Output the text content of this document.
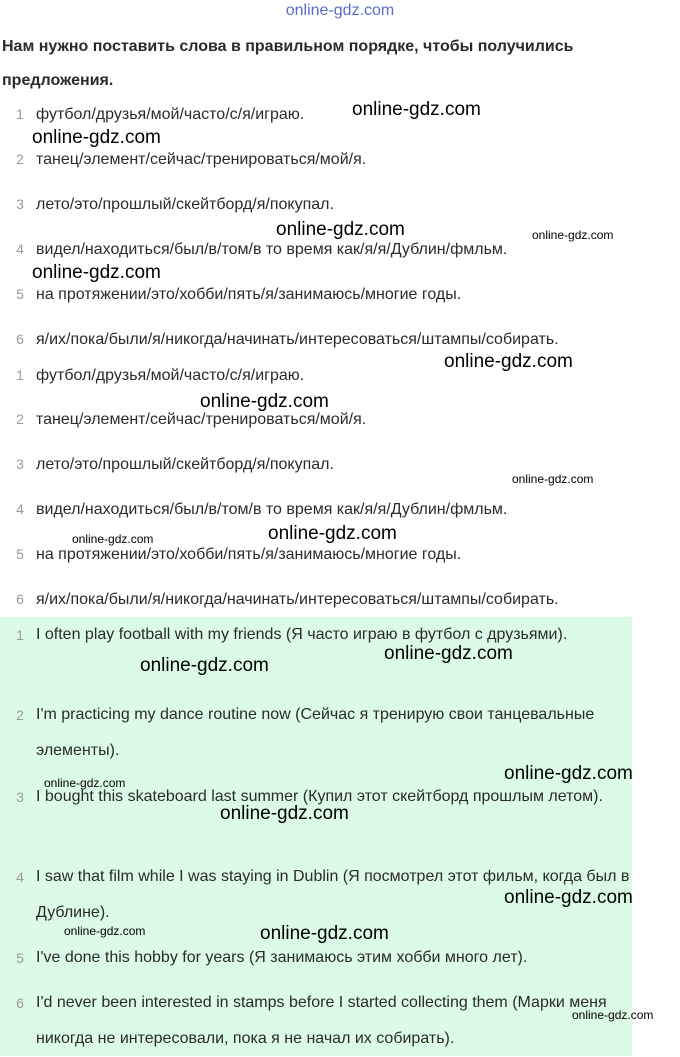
online-gdz.com
Нам нужно поставить слова в правильном порядке, чтобы получились предложения.
1 футбол/друзья/мой/часто/с/я/играю.
2 танец/элемент/сейчас/тренироваться/мой/я.
3 лето/это/прошлый/скейтборд/я/покупал.
4 видел/находиться/был/в/том/в то время как/я/я/Дублин/фмльм.
5 на протяжении/это/хобби/пять/я/занимаюсь/многие годы.
6 я/их/пока/были/я/никогда/начинать/интересоваться/штампы/собирать.
1 футбол/друзья/мой/часто/с/я/играю.
2 танец/элемент/сейчас/тренироваться/мой/я.
3 лето/это/прошлый/скейтборд/я/покупал.
4 видел/находиться/был/в/том/в то время как/я/я/Дублин/фмльм.
5 на протяжении/это/хобби/пять/я/занимаюсь/многие годы.
6 я/их/пока/были/я/никогда/начинать/интересоваться/штампы/собирать.
1 I often play football with my friends (Я часто играю в футбол с друзьями).
2 I'm practicing my dance routine now (Сейчас я тренирую свои танцевальные элементы).
3 I bought this skateboard last summer (Купил этот скейтборд прошлым летом).
4 I saw that film while I was staying in Dublin (Я посмотрел этот фильм, когда был в Дублине).
5 I've done this hobby for years (Я занимаюсь этим хобби много лет).
6 I'd never been interested in stamps before I started collecting them (Марки меня никогда не интересовали, пока я не начал их собирать).
online-gdz.com
online-gdz.com
online-gdz.com	online-gdz.com
online-gdz.com
online-gdz.com
online-gdz.com
online-gdz.com
online-gdz.com
online-gdz.com
online-gdz.com
online-gdz.com
online-gdz.com
online-gdz.com
online-gdz.com
online-gdz.com
online-gdz.com	online-gdz.com
online-gdz.com
